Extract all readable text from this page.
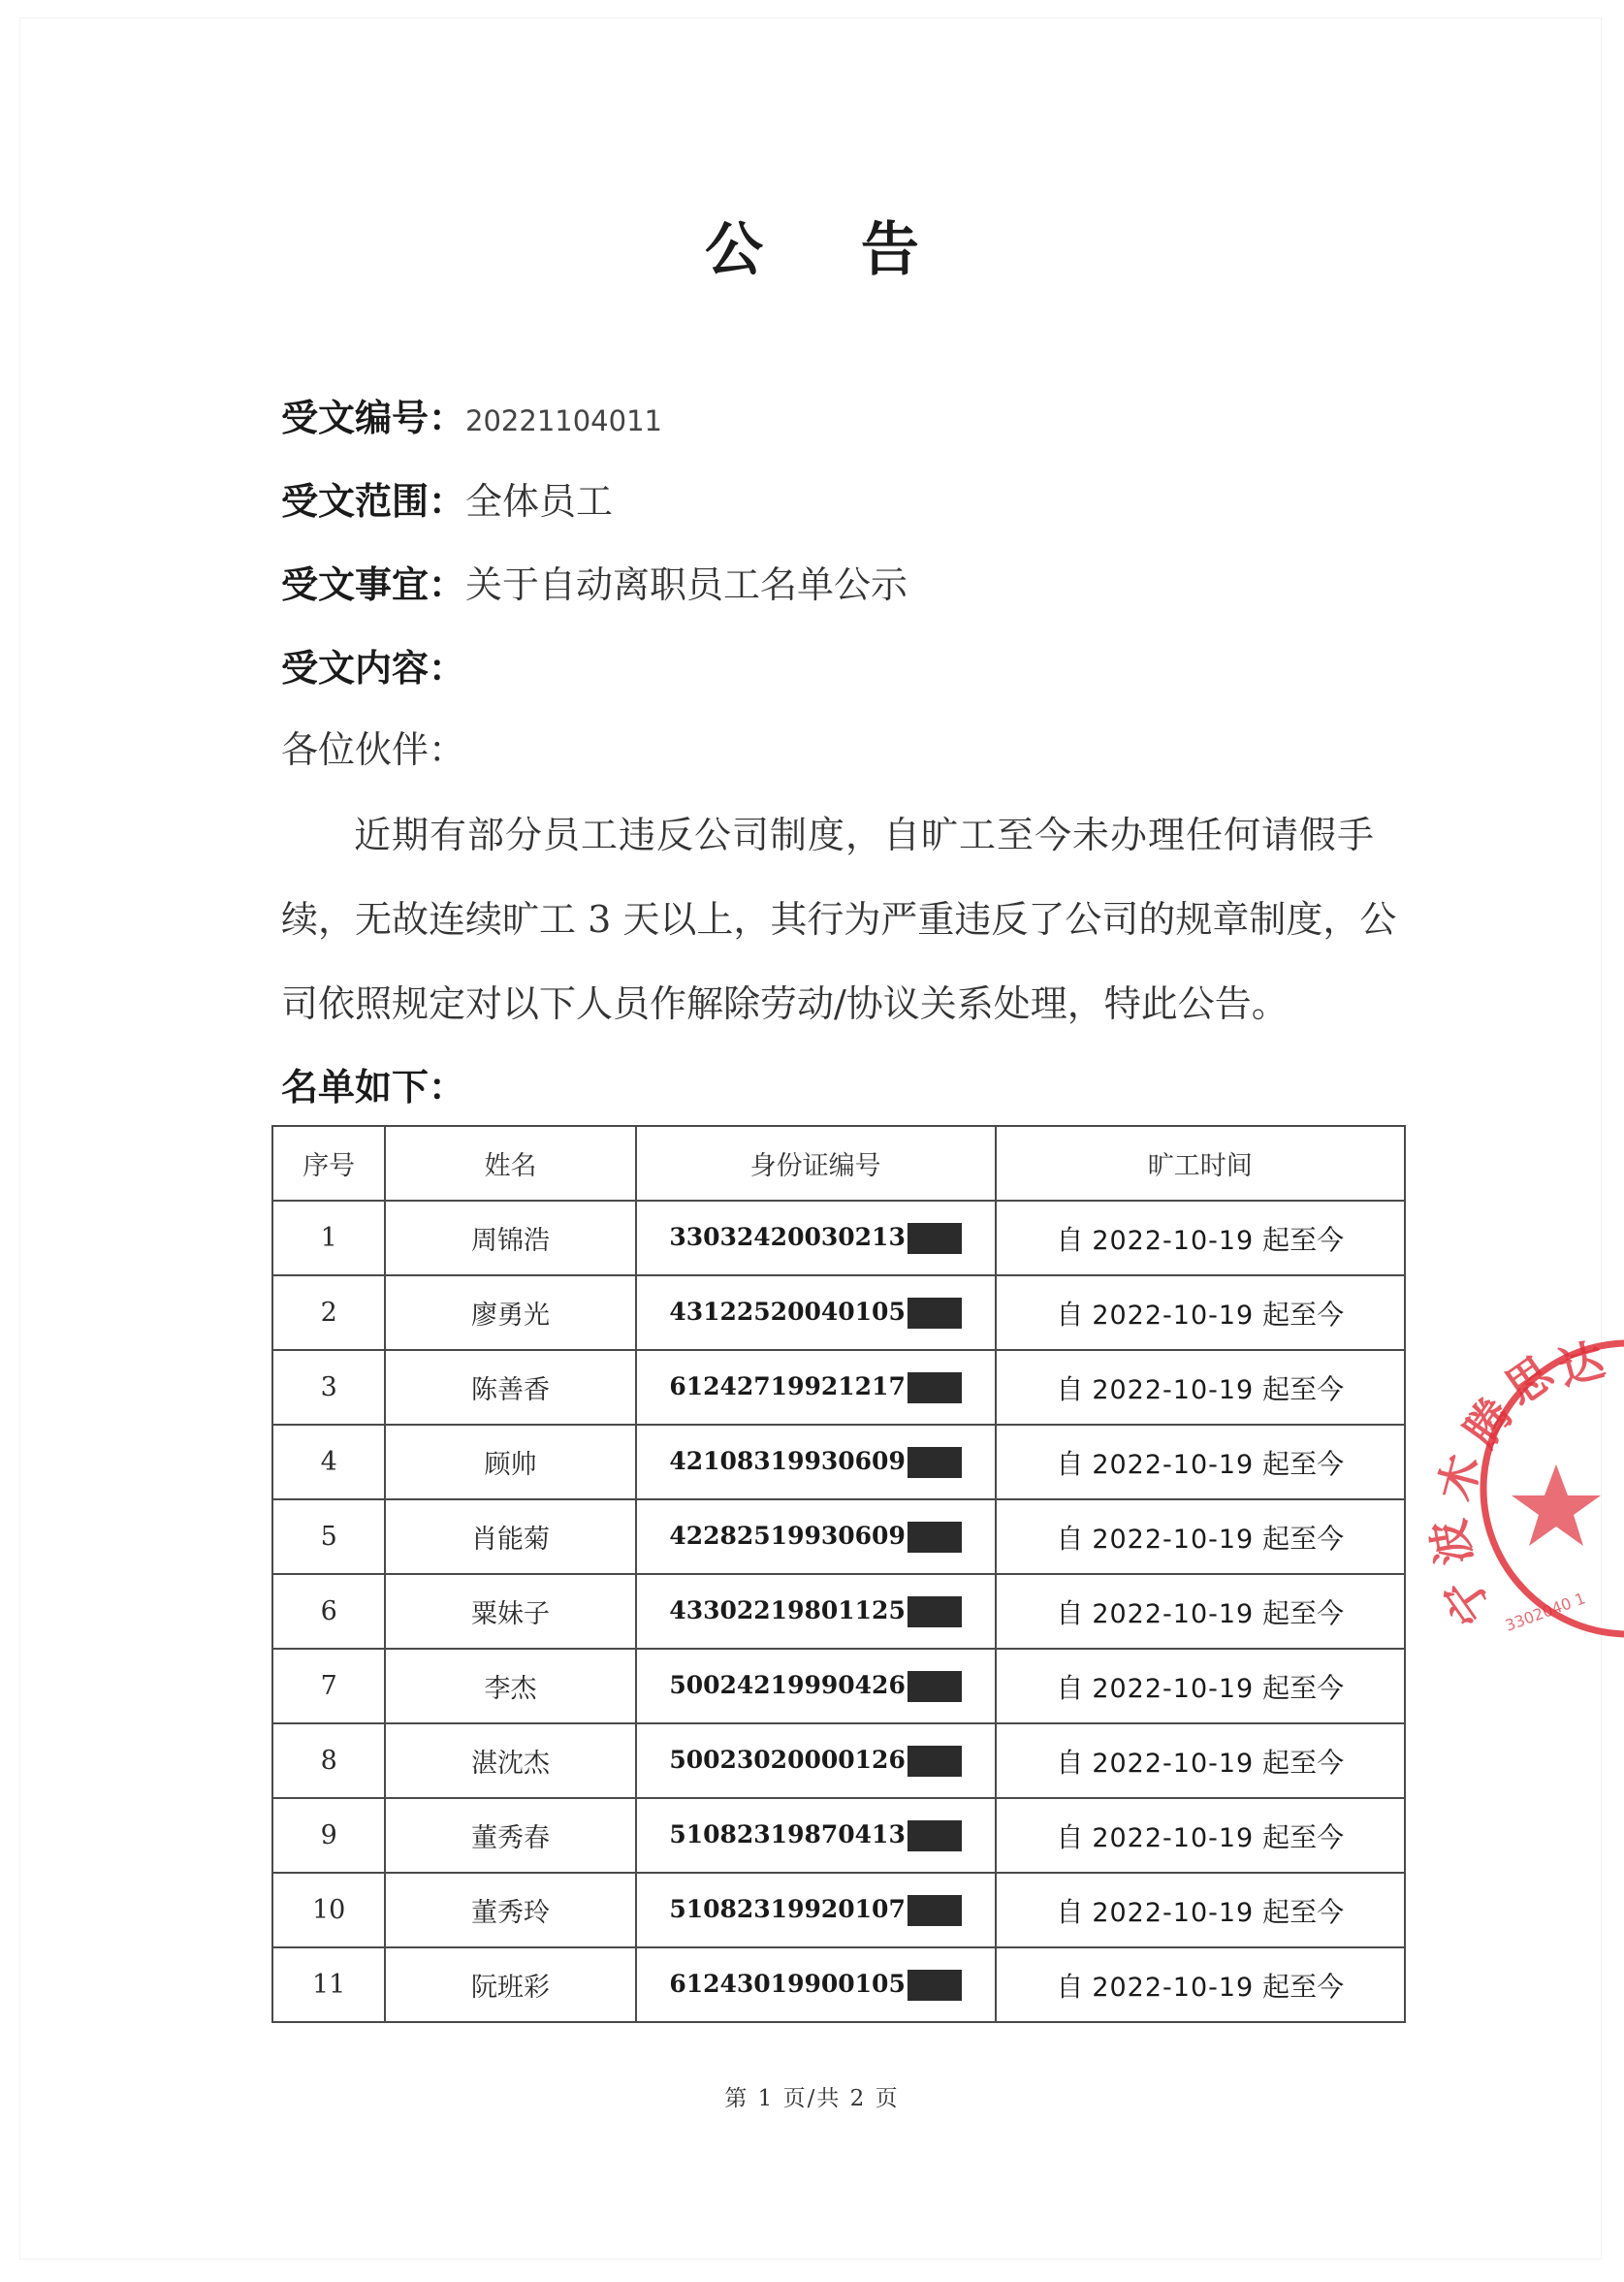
公 告
受文编号：20221104011
受文范围：全体员工
受文事宜：关于自动离职员工名单公示
受文内容：
各位伙伴：
近期有部分员工违反公司制度，自旷工至今未办理任何请假手
续，无故连续旷工 3 天以上，其行为严重违反了公司的规章制度，公
司依照规定对以下人员作解除劳动/协议关系处理，特此公告。
名单如下：
序号	姓名	身份证编号	旷工时间
1	周锦浩	33032420030213	自 2022-10-19 起至今
2	廖勇光	43122520040105	自 2022-10-19 起至今
3	陈善香	61242719921217	自 2022-10-19 起至今
4	顾帅	42108319930609	自 2022-10-19 起至今
5	肖能菊	42282519930609	自 2022-10-19 起至今
6	粟妹子	43302219801125	自 2022-10-19 起至今
7	李杰	50024219990426	自 2022-10-19 起至今
8	湛沈杰	50023020000126	自 2022-10-19 起至今
9	董秀春	51082319870413	自 2022-10-19 起至今
10	董秀玲	51082319920107	自 2022-10-19 起至今
11	阮班彩	61243019900105	自 2022-10-19 起至今
第 1 页/共 2 页
达
思
腾
木
波
宁 3302040 1
